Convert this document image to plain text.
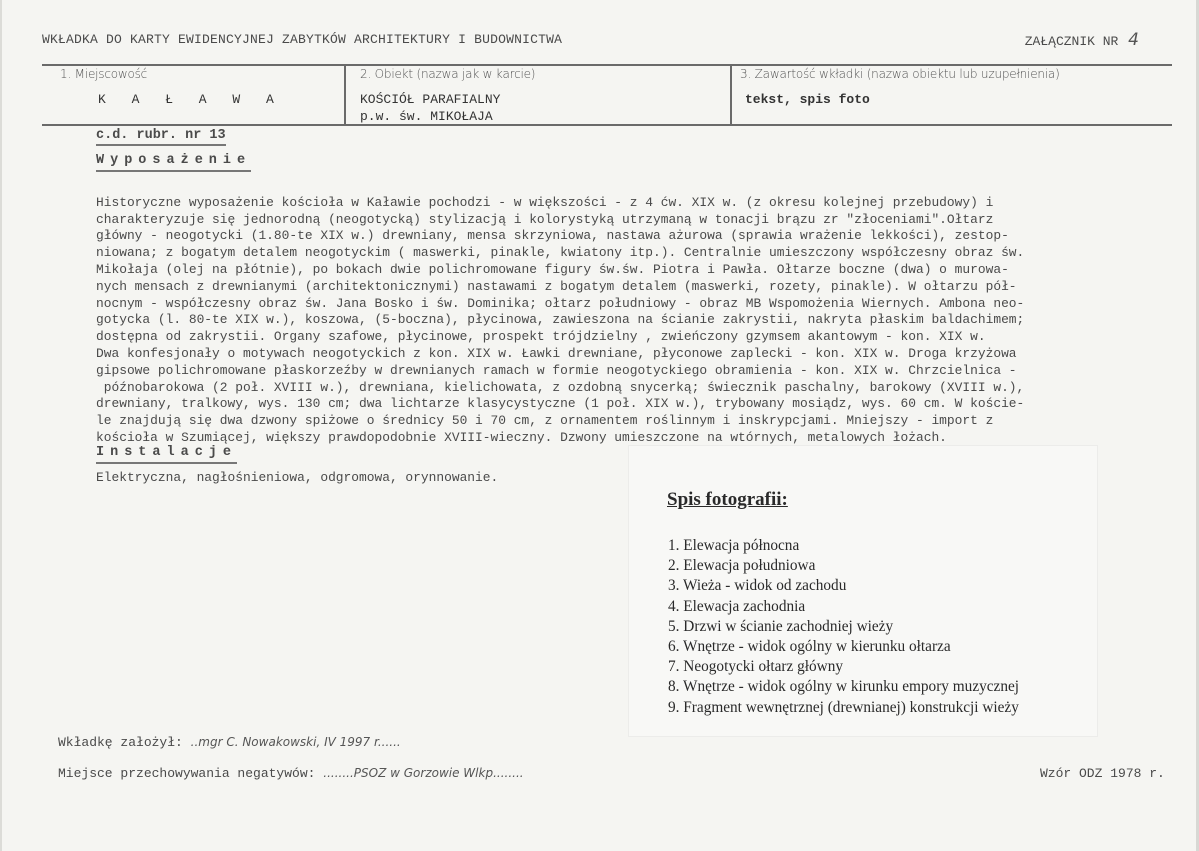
WKŁADKA DO KARTY EWIDENCYJNEJ ZABYTKÓW ARCHITEKTURY I BUDOWNICTWA	ZAŁĄCZNIK NR 4
1. Miejscowość
K A Ł A W A
2. Obiekt (nazwa jak w karcie)
KOŚCIÓŁ PARAFIALNY
p.w. św. MIKOŁAJA
3. Zawartość wkładki (nazwa obiektu lub uzupełnienia)
tekst, spis foto
c.d. rubr. nr 13
Wyposażenie

Historyczne wyposażenie kościoła w Kaławie pochodzi - w większości - z 4 ćw. XIX w. (z okresu kolejnej przebudowy) i
charakteryzuje się jednorodną (neogotycką) stylizacją i kolorystyką utrzymaną w tonacji brązu zr "złoceniami".Ołtarz
główny - neogotycki (1.80-te XIX w.) drewniany, mensa skrzyniowa, nastawa ażurowa (sprawia wrażenie lekkości), zestop-
niowana; z bogatym detalem neogotyckim ( maswerki, pinakle, kwiatony itp.). Centralnie umieszczony współczesny obraz św.
Mikołaja (olej na płótnie), po bokach dwie polichromowane figury św.św. Piotra i Pawła. Ołtarze boczne (dwa) o murowa-
nych mensach z drewnianymi (architektonicznymi) nastawami z bogatym detalem (maswerki, rozety, pinakle). W ołtarzu pół-
nocnym - współczesny obraz św. Jana Bosko i św. Dominika; ołtarz południowy - obraz MB Wspomożenia Wiernych. Ambona neo-
gotycka (l. 80-te XIX w.), koszowa, (5-boczna), płycinowa, zawieszona na ścianie zakrystii, nakryta płaskim baldachimem;
dostępna od zakrystii. Organy szafowe, płycinowe, prospekt trójdzielny , zwieńczony gzymsem akantowym - kon. XIX w.
Dwa konfesjonały o motywach neogotyckich z kon. XIX w. Ławki drewniane, płyconowe zaplecki - kon. XIX w. Droga krzyżowa
gipsowe polichromowane płaskorzeźby w drewnianych ramach w formie neogotyckiego obramienia - kon. XIX w. Chrzcielnica -
późnobarokowa (2 poł. XVIII w.), drewniana, kielichowata, z ozdobną snycerką; świecznik paschalny, barokowy (XVIII w.),
drewniany, tralkowy, wys. 130 cm; dwa lichtarze klasycystyczne (1 poł. XIX w.), trybowany mosiądz, wys. 60 cm. W koście-
le znajdują się dwa dzwony spiżowe o średnicy 50 i 70 cm, z ornamentem roślinnym i inskrypcjami. Mniejszy - import z
kościoła w Szumiącej, większy prawdopodobnie XVIII-wieczny. Dzwony umieszczone na wtórnych, metalowych łożach.

Instalacje
Elektryczna, nagłośnieniowa, odgromowa, orynnowanie.
Spis fotografii:
1. Elewacja północna
2. Elewacja południowa
3. Wieża - widok od zachodu
4. Elewacja zachodnia
5. Drzwi w ścianie zachodniej wieży
6. Wnętrze - widok ogólny w kierunku ołtarza
7. Neogotycki ołtarz główny
8. Wnętrze - widok ogólny w kirunku empory muzycznej
9. Fragment wewnętrznej (drewnianej) konstrukcji wieży
Wkładkę założył: ..mgr C. Nowakowski, IV 1997 r......
Miejsce przechowywania negatywów: ........PSOZ w Gorzowie Wlkp........	Wzór ODZ 1978 r.
